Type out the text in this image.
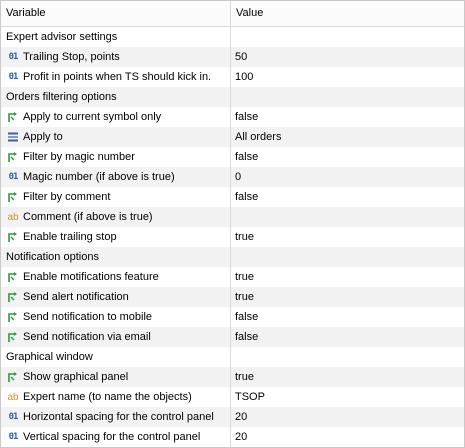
Variable	Value
Expert advisor settings
01 Trailing Stop, points	50
01 Profit in points when TS should kick in. 100
Orders filtering options
Apply to current symbol only	false
Apply to	All orders
Filter by magic number	false
01 Magic number (if above is true)	0
Filter by comment	false
ab Comment (if above is true)
Enable trailing stop	true
Notification options
Enable motifications feature	true
Send alert notification	true
Send notification to mobile	false
Send notification via email	false
Graphical window
Show graphical panel	true
ab Expert name (to name the objects)	TSOP
01 Horizontal spacing for the control panel 20
01 Vertical spacing for the control panel	20
